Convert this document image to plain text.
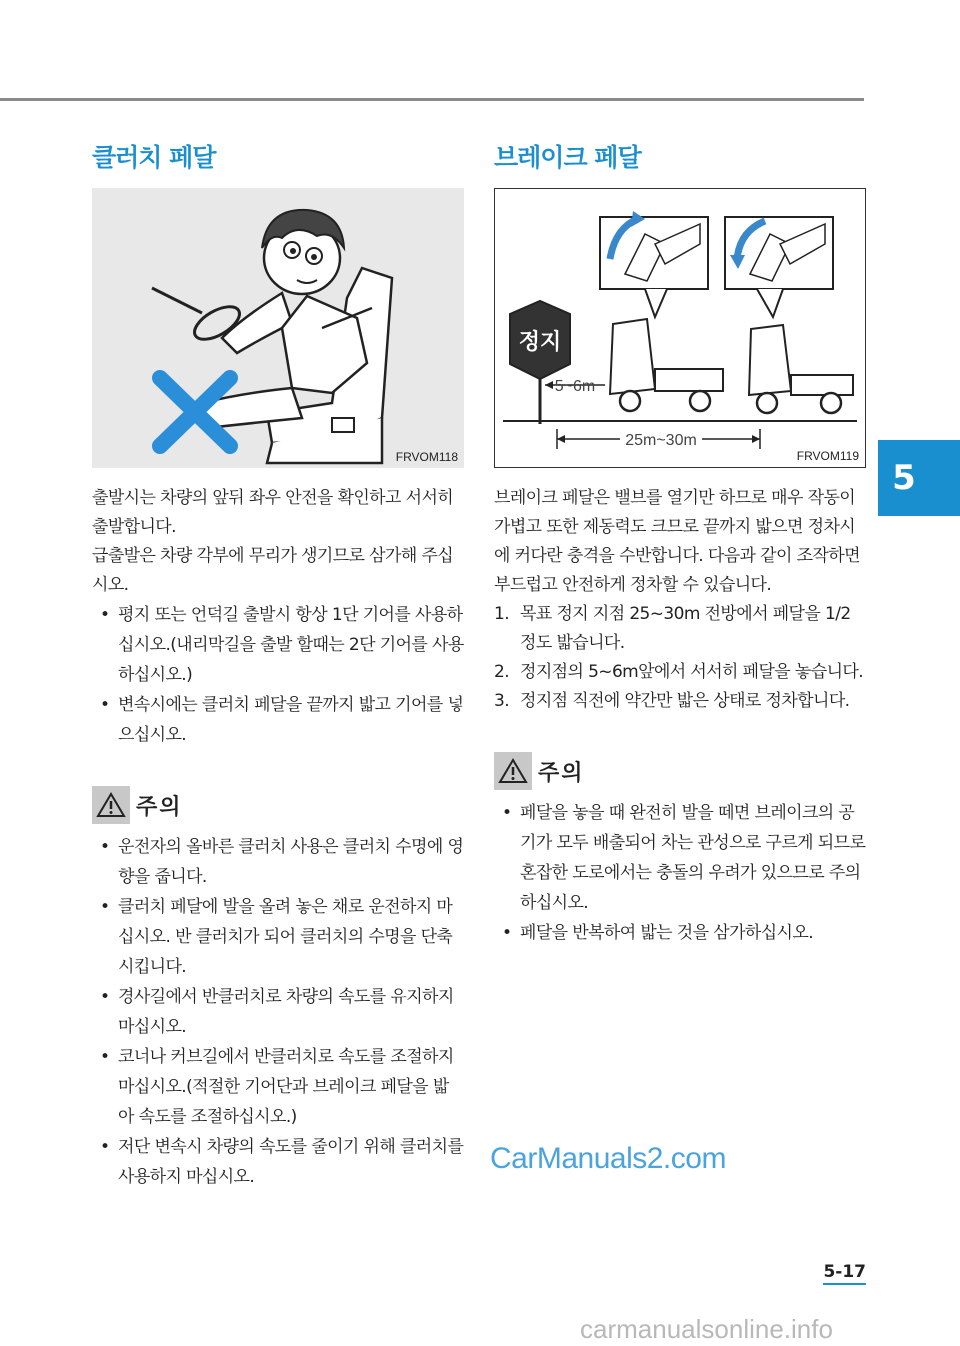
클러치 페달
FRVOM118

출발시는 차량의 앞뒤 좌우 안전을 확인하고 서서히 출발합니다.

급출발은 차량 각부에 무리가 생기므로 삼가해 주십시오.

• 평지 또는 언덕길 출발시 항상 1단 기어를 사용하십시오.(내리막길을 출발 할때는 2단 기어를 사용하십시오.)
• 변속시에는 클러치 페달을 끝까지 밟고 기어를 넣으십시오.
주의
• 운전자의 올바른 클러치 사용은 클러치 수명에 영향을 줍니다.
• 클러치 페달에 발을 올려 놓은 채로 운전하지 마십시오. 반 클러치가 되어 클러치의 수명을 단축시킵니다.
• 경사길에서 반클러치로 차량의 속도를 유지하지 마십시오.
• 코너나 커브길에서 반클러치로 속도를 조절하지 마십시오.(적절한 기어단과 브레이크 페달을 밟아 속도를 조절하십시오.)
• 저단 변속시 차량의 속도를 줄이기 위해 클러치를 사용하지 마십시오.
브레이크 페달
정지
5~6m
25m~30m
FRVOM119

브레이크 페달은 밸브를 열기만 하므로 매우 작동이 가볍고 또한 제동력도 크므로 끝까지 밟으면 정차시에 커다란 충격을 수반합니다. 다음과 같이 조작하면 부드럽고 안전하게 정차할 수 있습니다.

1. 목표 정지 지점 25~30m 전방에서 페달을 1/2정도 밟습니다.
2. 정지점의 5~6m앞에서 서서히 페달을 놓습니다.
3. 정지점 직전에 약간만 밟은 상태로 정차합니다.
주의
• 페달을 놓을 때 완전히 발을 떼면 브레이크의 공기가 모두 배출되어 차는 관성으로 구르게 되므로 혼잡한 도로에서는 충돌의 우려가 있으므로 주의하십시오.
• 페달을 반복하여 밟는 것을 삼가하십시오.
5
CarManuals2.com
5-17
carmanualsonline.info
